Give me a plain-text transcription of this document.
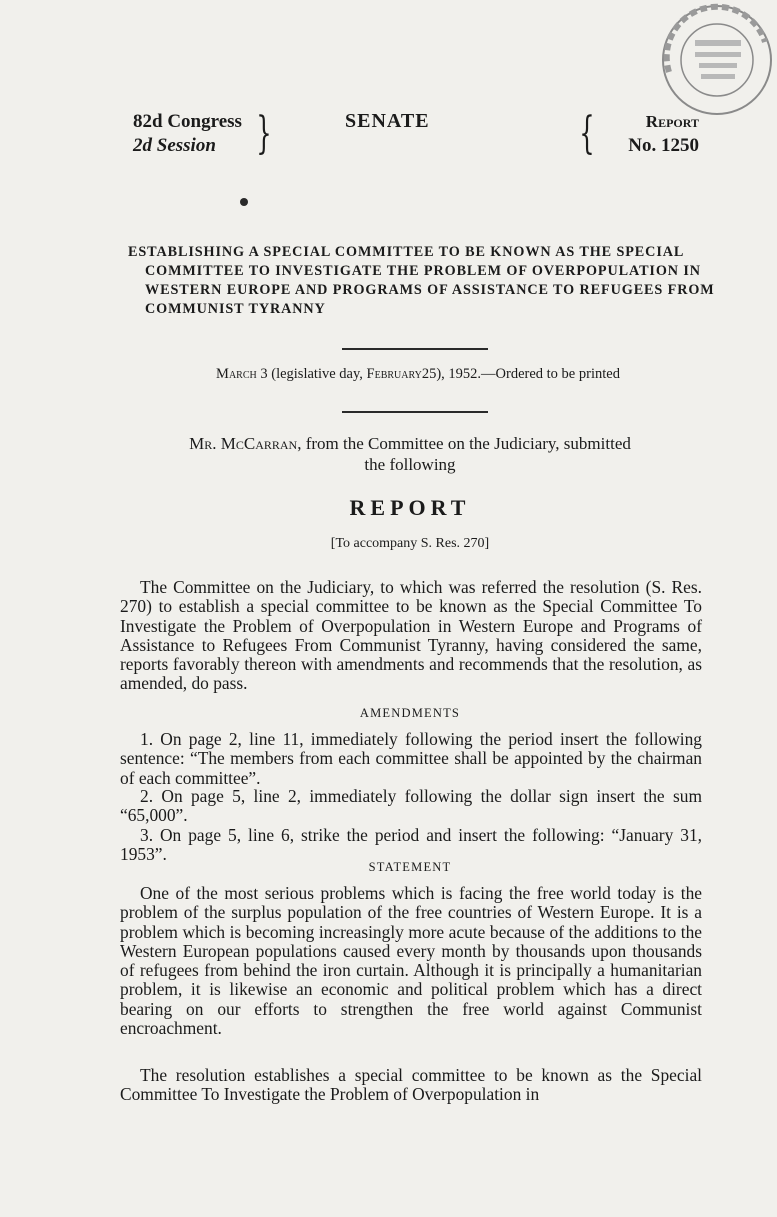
82d Congress
2d Session }	SENATE	{	Report
No. 1250
ESTABLISHING A SPECIAL COMMITTEE TO BE KNOWN AS THE SPECIAL COMMITTEE TO INVESTIGATE THE PROBLEM OF OVERPOPULATION IN WESTERN EUROPE AND PROGRAMS OF ASSISTANCE TO REFUGEES FROM COMMUNIST TYRANNY
March 3 (legislative day, February25), 1952.—Ordered to be printed
Mr. McCarran, from the Committee on the Judiciary, submitted
the following
REPORT
[To accompany S. Res. 270]
The Committee on the Judiciary, to which was referred the resolution (S. Res. 270) to establish a special committee to be known as the Special Committee To Investigate the Problem of Overpopulation in Western Europe and Programs of Assistance to Refugees From Communist Tyranny, having considered the same, reports favorably thereon with amendments and recommends that the resolution, as amended, do pass.
AMENDMENTS
1. On page 2, line 11, immediately following the period insert the following sentence: “The members from each committee shall be appointed by the chairman of each committee”.
2. On page 5, line 2, immediately following the dollar sign insert the sum “65,000”.
3. On page 5, line 6, strike the period and insert the following: “January 31, 1953”.
STATEMENT
One of the most serious problems which is facing the free world today is the problem of the surplus population of the free countries of Western Europe. It is a problem which is becoming increasingly more acute because of the additions to the Western European populations caused every month by thousands upon thousands of refugees from behind the iron curtain. Although it is principally a humanitarian problem, it is likewise an economic and political problem which has a direct bearing on our efforts to strengthen the free world against Communist encroachment.
The resolution establishes a special committee to be known as the Special Committee To Investigate the Problem of Overpopulation in
